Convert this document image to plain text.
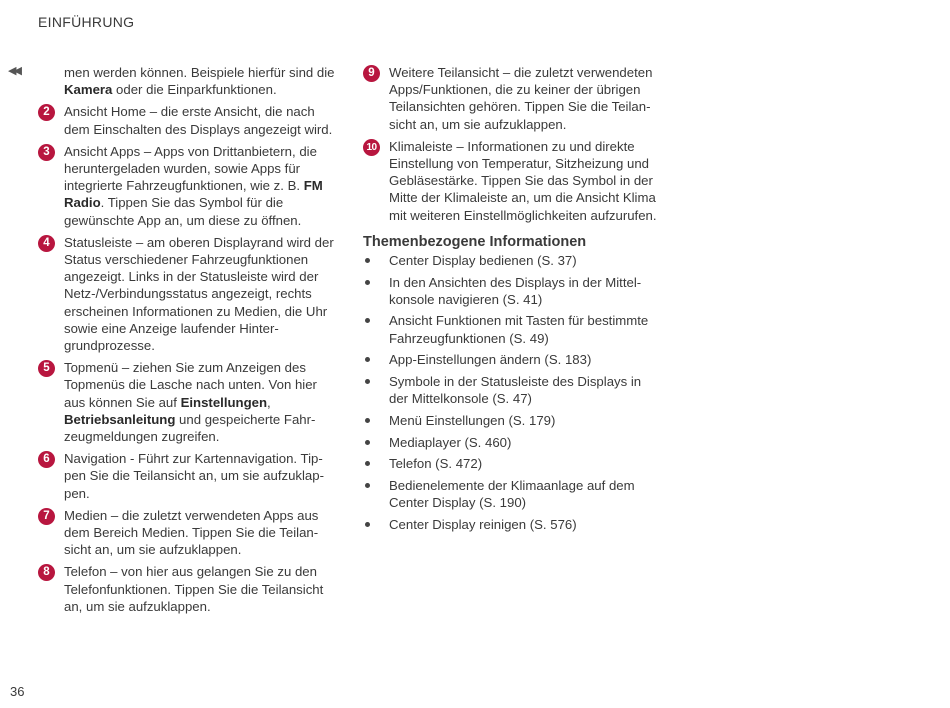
EINFÜHRUNG
◀◀	men werden können. Beispiele hierfür sind die Kamera oder die Einparkfunktionen.
2	Ansicht Home – die erste Ansicht, die nach dem Einschalten des Displays angezeigt wird.
3	Ansicht Apps – Apps von Drittanbietern, die heruntergeladen wurden, sowie Apps für integrierte Fahrzeugfunktionen, wie z. B. FM Radio. Tippen Sie das Symbol für die gewünschte App an, um diese zu öffnen.
4	Statusleiste – am oberen Displayrand wird der Status verschiedener Fahrzeugfunktionen angezeigt. Links in der Statusleiste wird der Netz-/Verbindungsstatus angezeigt, rechts erscheinen Informationen zu Medien, die Uhr sowie eine Anzeige laufender Hintergrundprozesse.
5	Topmenü – ziehen Sie zum Anzeigen des Topmenüs die Lasche nach unten. Von hier aus können Sie auf Einstellungen, Betriebsanleitung und gespeicherte Fahrzeugmeldungen zugreifen.
6	Navigation - Führt zur Kartennavigation. Tippen Sie die Teilansicht an, um sie aufzuklappen.
7	Medien – die zuletzt verwendeten Apps aus dem Bereich Medien. Tippen Sie die Teilansicht an, um sie aufzuklappen.
8	Telefon – von hier aus gelangen Sie zu den Telefonfunktionen. Tippen Sie die Teilansicht an, um sie aufzuklappen.
9	Weitere Teilansicht – die zuletzt verwendeten Apps/Funktionen, die zu keiner der übrigen Teilansichten gehören. Tippen Sie die Teilansicht an, um sie aufzuklappen.
10 Klimaleiste – Informationen zu und direkte Einstellung von Temperatur, Sitzheizung und Gebläsestärke. Tippen Sie das Symbol in der Mitte der Klimaleiste an, um die Ansicht Klima mit weiteren Einstellmöglichkeiten aufzurufen.
Themenbezogene Informationen
Center Display bedienen (S. 37)
In den Ansichten des Displays in der Mittelkonsole navigieren (S. 41)
Ansicht Funktionen mit Tasten für bestimmte Fahrzeugfunktionen (S. 49)
App-Einstellungen ändern (S. 183)
Symbole in der Statusleiste des Displays in der Mittelkonsole (S. 47)
Menü Einstellungen (S. 179)
Mediaplayer (S. 460)
Telefon (S. 472)
Bedienelemente der Klimaanlage auf dem Center Display (S. 190)
Center Display reinigen (S. 576)
36
